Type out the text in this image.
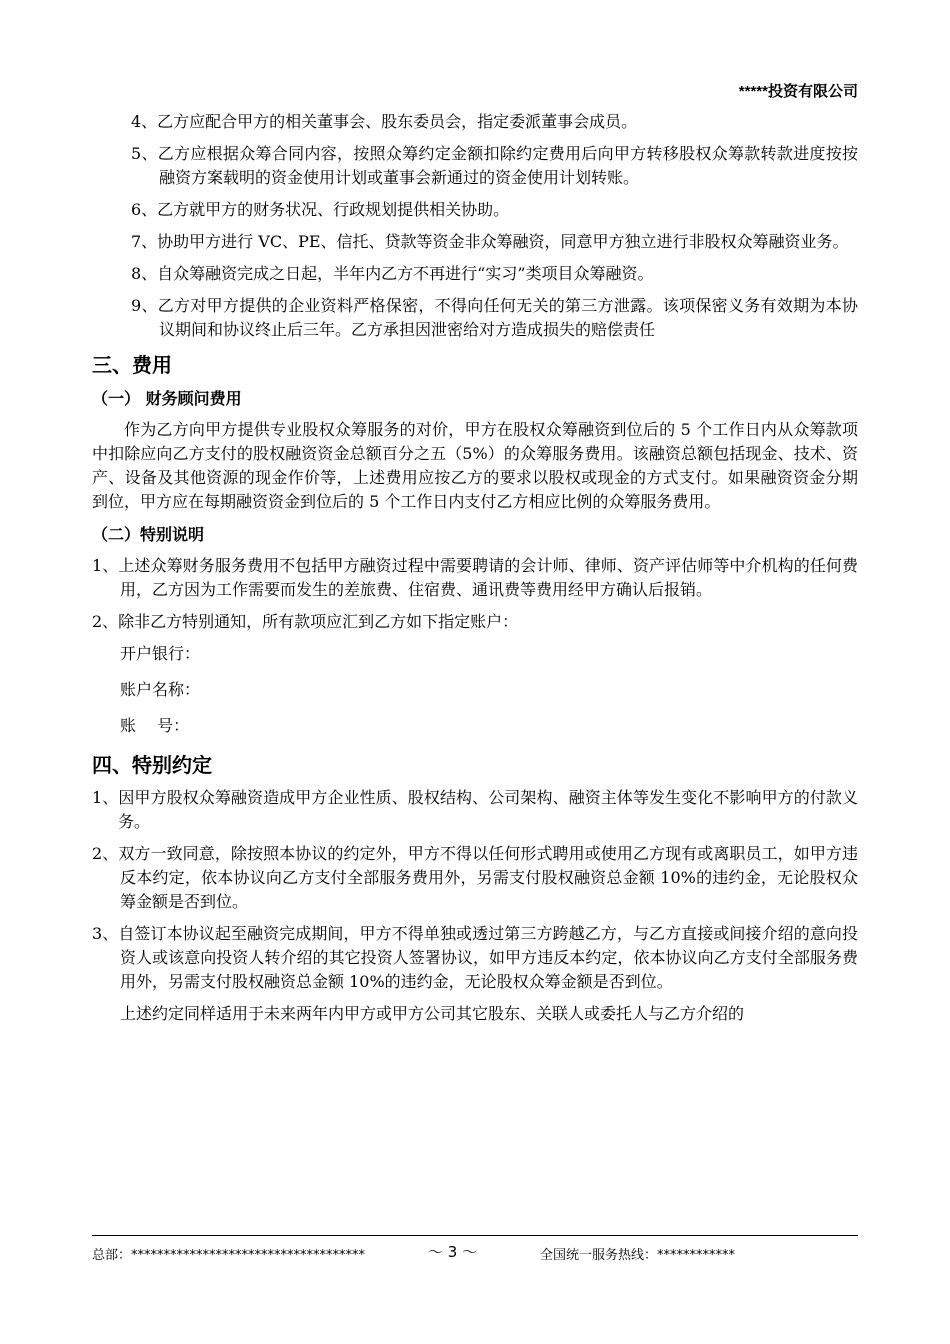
*****投资有限公司

4、乙方应配合甲方的相关董事会、股东委员会，指定委派董事会成员。

5、乙方应根据众筹合同内容，按照众筹约定金额扣除约定费用后向甲方转移股权众筹款转款进度按按融资方案载明的资金使用计划或董事会新通过的资金使用计划转账。

6、乙方就甲方的财务状况、行政规划提供相关协助。

7、协助甲方进行 VC、PE、信托、贷款等资金非众筹融资，同意甲方独立进行非股权众筹融资业务。

8、自众筹融资完成之日起，半年内乙方不再进行“实习”类项目众筹融资。

9、乙方对甲方提供的企业资料严格保密，不得向任何无关的第三方泄露。该项保密义务有效期为本协议期间和协议终止后三年。乙方承担因泄密给对方造成损失的赔偿责任

三、费用
（一） 财务顾问费用

作为乙方向甲方提供专业股权众筹服务的对价，甲方在股权众筹融资到位后的 5 个工作日内从众筹款项中扣除应向乙方支付的股权融资资金总额百分之五（5%）的众筹服务费用。该融资总额包括现金、技术、资产、设备及其他资源的现金作价等，上述费用应按乙方的要求以股权或现金的方式支付。如果融资资金分期到位，甲方应在每期融资资金到位后的 5 个工作日内支付乙方相应比例的众筹服务费用。

（二）特别说明

1、上述众筹财务服务费用不包括甲方融资过程中需要聘请的会计师、律师、资产评估师等中介机构的任何费用，乙方因为工作需要而发生的差旅费、住宿费、通讯费等费用经甲方确认后报销。

2、除非乙方特别通知，所有款项应汇到乙方如下指定账户：

开户银行：

账户名称：

账　 号：

四、特别约定

1、因甲方股权众筹融资造成甲方企业性质、股权结构、公司架构、融资主体等发生变化不影响甲方的付款义务。

2、双方一致同意，除按照本协议的约定外，甲方不得以任何形式聘用或使用乙方现有或离职员工，如甲方违反本约定，依本协议向乙方支付全部服务费用外，另需支付股权融资总金额 10%的违约金，无论股权众筹金额是否到位。

3、自签订本协议起至融资完成期间，甲方不得单独或透过第三方跨越乙方，与乙方直接或间接介绍的意向投资人或该意向投资人转介绍的其它投资人签署协议，如甲方违反本约定，依本协议向乙方支付全部服务费用外，另需支付股权融资总金额 10%的违约金，无论股权众筹金额是否到位。

上述约定同样适用于未来两年内甲方或甲方公司其它股东、关联人或委托人与乙方介绍的

总部：************************************	～ 3 ～	全国统一服务热线：************
